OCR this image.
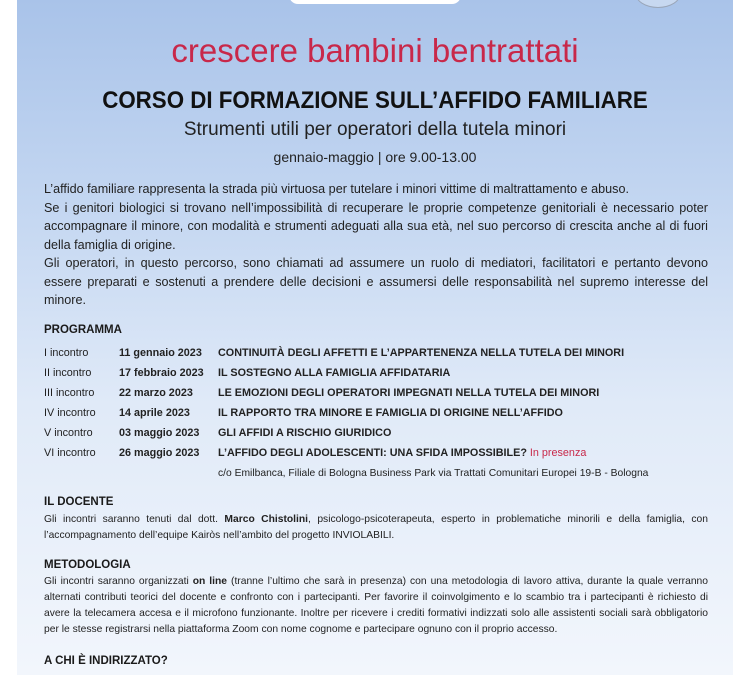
crescere bambini bentrattati
CORSO DI FORMAZIONE SULL’AFFIDO FAMILIARE
Strumenti utili per operatori della tutela minori
gennaio-maggio | ore 9.00-13.00

L’affido familiare rappresenta la strada più virtuosa per tutelare i minori vittime di maltrattamento e abuso.

Se i genitori biologici si trovano nell’impossibilità di recuperare le proprie competenze genitoriali è necessario poter accompagnare il minore, con modalità e strumenti adeguati alla sua età, nel suo percorso di crescita anche al di fuori della famiglia di origine.

Gli operatori, in questo percorso, sono chiamati ad assumere un ruolo di mediatori, facilitatori e pertanto devono essere preparati e sostenuti a prendere delle decisioni e assumersi delle responsabilità nel supremo interesse del minore.

PROGRAMMA
I incontro	11 gennaio 2023	CONTINUITÀ DEGLI AFFETTI E L’APPARTENENZA NELLA TUTELA DEI MINORI
II incontro	17 febbraio 2023	IL SOSTEGNO ALLA FAMIGLIA AFFIDATARIA
III incontro	22 marzo 2023	LE EMOZIONI DEGLI OPERATORI IMPEGNATI NELLA TUTELA DEI MINORI
IV incontro	14 aprile 2023	IL RAPPORTO TRA MINORE E FAMIGLIA DI ORIGINE NELL’AFFIDO
V incontro	03 maggio 2023	GLI AFFIDI A RISCHIO GIURIDICO
VI incontro	26 maggio 2023	L’AFFIDO DEGLI ADOLESCENTI: UNA SFIDA IMPOSSIBILE? In presenza
c/o Emilbanca, Filiale di Bologna Business Park via Trattati Comunitari Europei 19-B - Bologna
IL DOCENTE

Gli incontri saranno tenuti dal dott. Marco Chistolini, psicologo-psicoterapeuta, esperto in problematiche minorili e della famiglia, con l’accompagnamento dell’equipe Kairòs nell’ambito del progetto INVIOLABILI.

METODOLOGIA

Gli incontri saranno organizzati on line (tranne l’ultimo che sarà in presenza) con una metodologia di lavoro attiva, durante la quale verranno alternati contributi teorici del docente e confronto con i partecipanti. Per favorire il coinvolgimento e lo scambio tra i partecipanti è richiesto di avere la telecamera accesa e il microfono funzionante. Inoltre per ricevere i crediti formativi indizzati solo alle assistenti sociali sarà obbligatorio per le stesse registrarsi nella piattaforma Zoom con nome cognome e partecipare ognuno con il proprio accesso.

A CHI È INDIRIZZATO?
